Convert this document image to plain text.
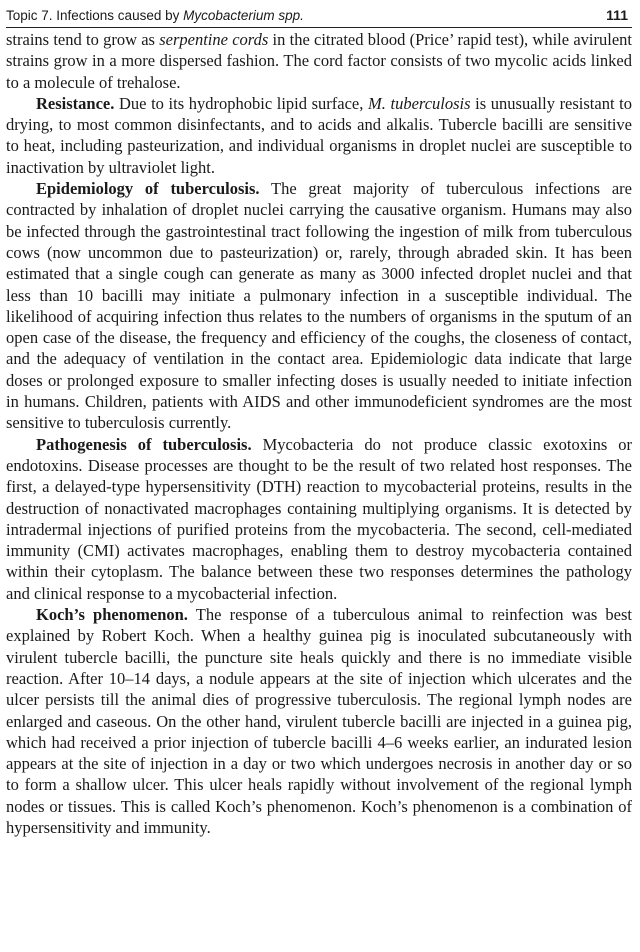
Topic 7. Infections caused by Mycobacterium spp.	111

strains tend to grow as serpentine cords in the citrated blood (Price’ rapid test), while avirulent strains grow in a more dispersed fashion. The cord factor consists of two mycolic acids linked to a molecule of trehalose.

Resistance. Due to its hydrophobic lipid surface, M. tuberculosis is unusually resistant to drying, to most common disinfectants, and to acids and alkalis. Tubercle bacilli are sensitive to heat, including pasteurization, and individual organisms in droplet nuclei are susceptible to inactivation by ultraviolet light.

Epidemiology of tuberculosis. The great majority of tuberculous infections are contracted by inhalation of droplet nuclei carrying the causative organism. Humans may also be infected through the gastrointestinal tract following the ingestion of milk from tuberculous cows (now uncommon due to pasteurization) or, rarely, through abraded skin. It has been estimated that a single cough can generate as many as 3000 infected droplet nuclei and that less than 10 bacilli may initiate a pulmonary infection in a susceptible individual. The likelihood of acquiring infection thus relates to the numbers of organisms in the sputum of an open case of the disease, the frequency and efficiency of the coughs, the closeness of contact, and the adequacy of ventilation in the contact area. Epidemiologic data indicate that large doses or prolonged exposure to smaller infecting doses is usually needed to initiate infection in humans. Children, patients with AIDS and other immunodeficient syndromes are the most sensitive to tuberculosis currently.

Pathogenesis of tuberculosis. Mycobacteria do not produce classic exotoxins or endotoxins. Disease processes are thought to be the result of two related host responses. The first, a delayed-type hypersensitivity (DTH) reaction to mycobacterial proteins, results in the destruction of nonactivated macrophages containing multiplying organisms. It is detected by intradermal injections of purified proteins from the mycobacteria. The second, cell-mediated immunity (CMI) activates macrophages, enabling them to destroy mycobacteria contained within their cytoplasm. The balance between these two responses determines the pathology and clinical response to a mycobacterial infection.

Koch’s phenomenon. The response of a tuberculous animal to reinfection was best explained by Robert Koch. When a healthy guinea pig is inoculated subcutaneously with virulent tubercle bacilli, the puncture site heals quickly and there is no immediate visible reaction. After 10–14 days, a nodule appears at the site of injection which ulcerates and the ulcer persists till the animal dies of progressive tuberculosis. The regional lymph nodes are enlarged and caseous. On the other hand, virulent tubercle bacilli are injected in a guinea pig, which had received a prior injection of tubercle bacilli 4–6 weeks earlier, an indurated lesion appears at the site of injection in a day or two which undergoes necrosis in another day or so to form a shallow ulcer. This ulcer heals rapidly without involvement of the regional lymph nodes or tissues. This is called Koch’s phenomenon. Koch’s phenomenon is a combination of hypersensitivity and immunity.
